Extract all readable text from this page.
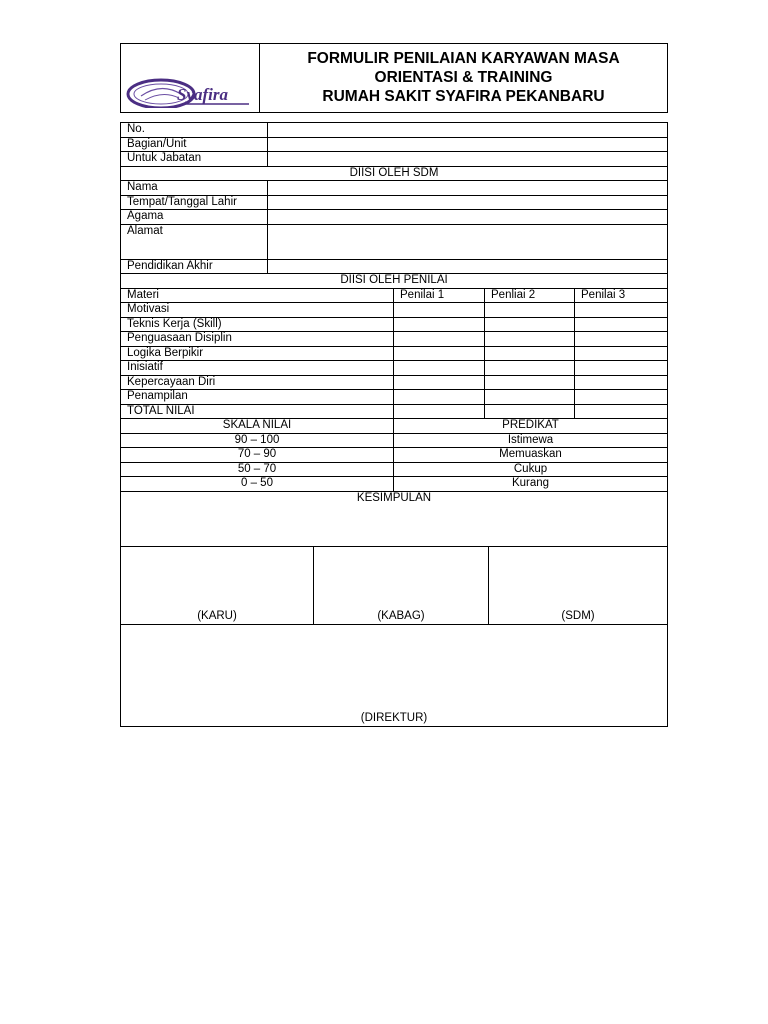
Syafira

FORMULIR PENILAIAN KARYAWAN MASA
ORIENTASI & TRAINING
RUMAH SAKIT SYAFIRA PEKANBARU
No.				
Bagian/Unit				
Untuk Jabatan				
DIISI OLEH SDM				
Nama				
Tempat/Tanggal Lahir				
Agama				
Alamat				
Pendidikan Akhir				
DIISI OLEH PENILAI				
Materi		Penilai 1	Penliai 2	Penilai 3
Motivasi				
Teknis Kerja (Skill)				
Penguasaan Disiplin				
Logika Berpikir				
Inisiatif				
Kepercayaan Diri				
Penampilan				
TOTAL NILAI				
SKALA NILAI		PREDIKAT		
90 – 100		Istimewa		
70 – 90		Memuaskan		
50 – 70		Cukup		
0 – 50		Kurang		
KESIMPULAN				
(KARU)	(KABAG)	(SDM)
(DIREKTUR)
